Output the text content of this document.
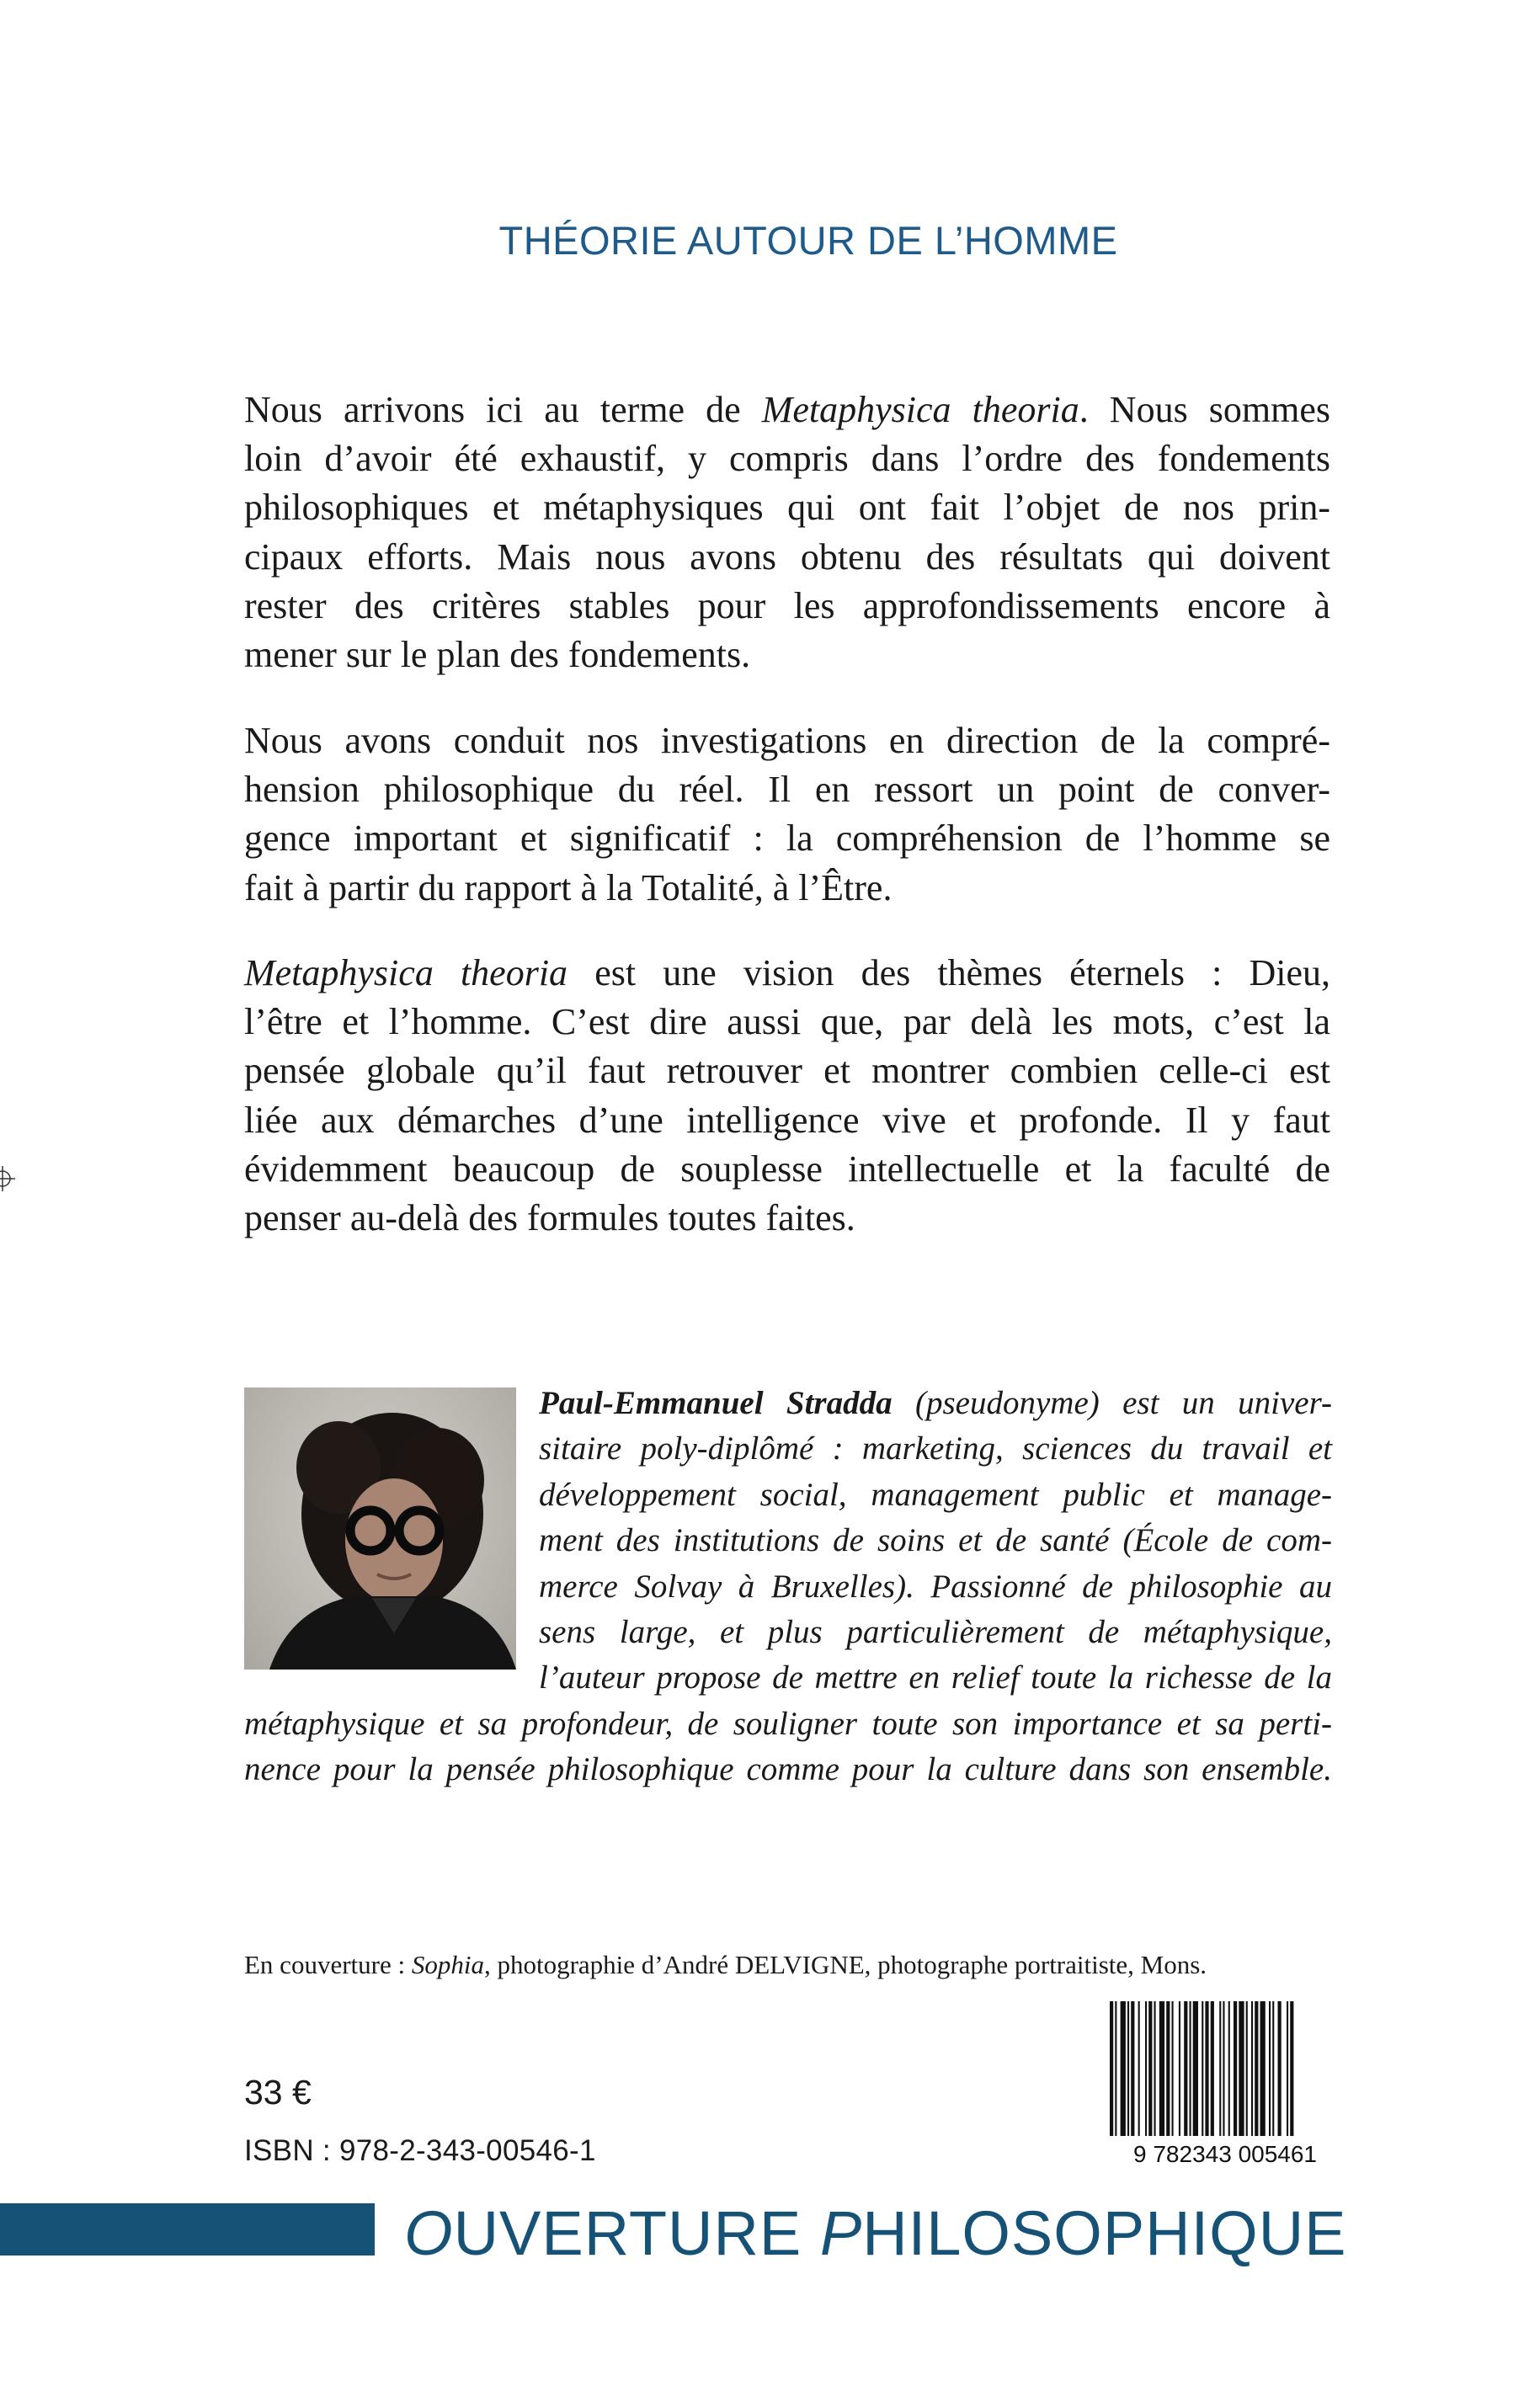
THÉORIE AUTOUR DE L’HOMME
Nous arrivons ici au terme de Metaphysica theoria. Nous sommes
loin d’avoir été exhaustif, y compris dans l’ordre des fondements
philosophiques et métaphysiques qui ont fait l’objet de nos prin-
cipaux efforts. Mais nous avons obtenu des résultats qui doivent
rester des critères stables pour les approfondissements encore à
mener sur le plan des fondements.
Nous avons conduit nos investigations en direction de la compré-
hension philosophique du réel. Il en ressort un point de conver-
gence important et significatif : la compréhension de l’homme se
fait à partir du rapport à la Totalité, à l’Être.
Metaphysica theoria est une vision des thèmes éternels : Dieu,
l’être et l’homme. C’est dire aussi que, par delà les mots, c’est la
pensée globale qu’il faut retrouver et montrer combien celle-ci est
liée aux démarches d’une intelligence vive et profonde. Il y faut
évidemment beaucoup de souplesse intellectuelle et la faculté de
penser au-delà des formules toutes faites.
Paul-Emmanuel Stradda (pseudonyme) est un univer-
sitaire poly-diplômé : marketing, sciences du travail et
développement social, management public et manage-
ment des institutions de soins et de santé (École de com-
merce Solvay à Bruxelles). Passionné de philosophie au
sens large, et plus particulièrement de métaphysique,
l’auteur propose de mettre en relief toute la richesse de la
métaphysique et sa profondeur, de souligner toute son importance et sa perti-
nence pour la pensée philosophique comme pour la culture dans son ensemble.
En couverture : Sophia, photographie d’André DELVIGNE, photographe portraitiste, Mons.
9 782343 005461
33 €
ISBN : 978-2-343-00546-1
OUVERTURE PHILOSOPHIQUE
